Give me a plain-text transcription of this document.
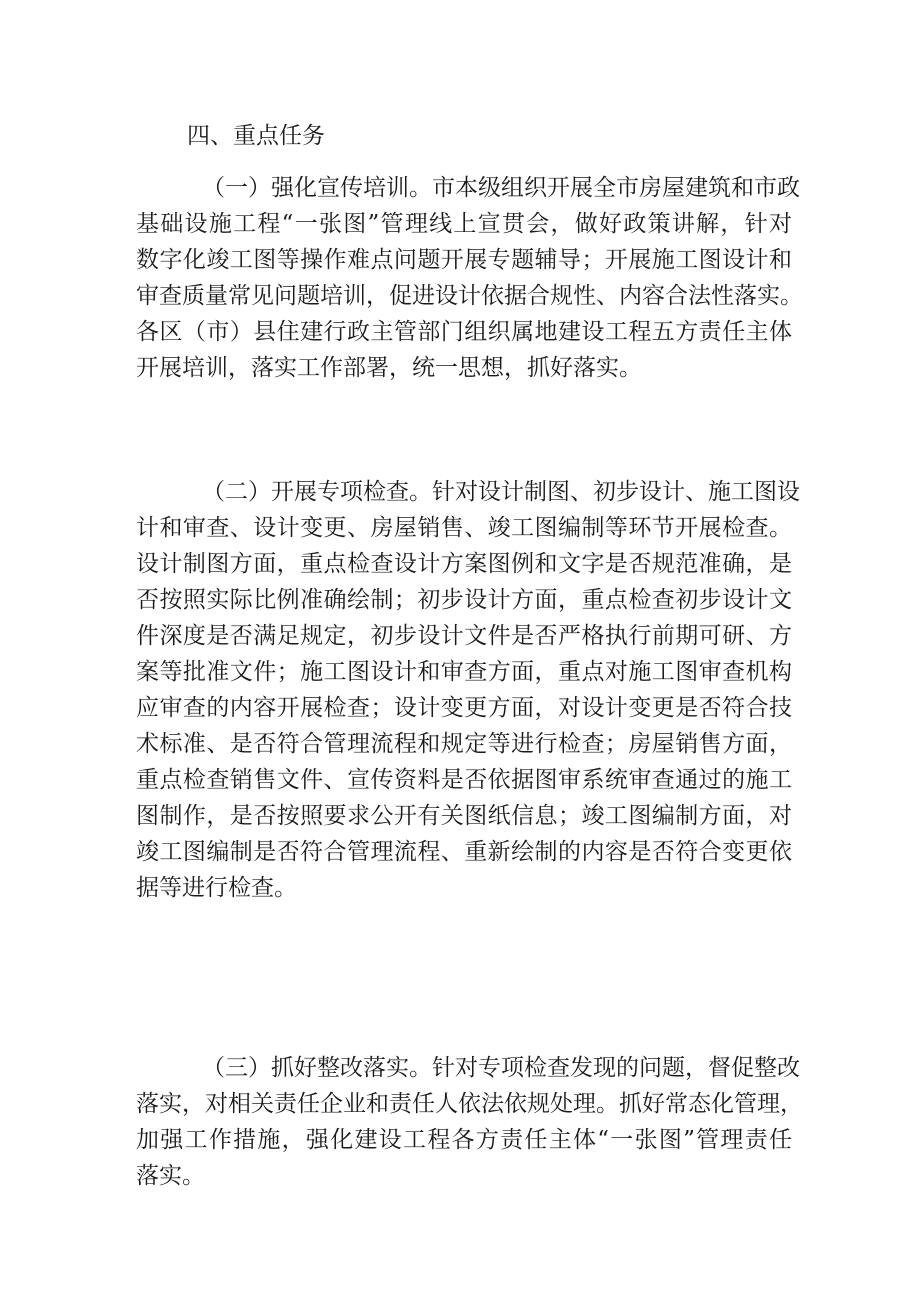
四、重点任务
（一）强化宣传培训。市本级组织开展全市房屋建筑和市政
基础设施工程“一张图”管理线上宣贯会，做好政策讲解，针对
数字化竣工图等操作难点问题开展专题辅导；开展施工图设计和
审查质量常见问题培训，促进设计依据合规性、内容合法性落实。
各区（市）县住建行政主管部门组织属地建设工程五方责任主体
开展培训，落实工作部署，统一思想，抓好落实。
（二）开展专项检查。针对设计制图、初步设计、施工图设
计和审查、设计变更、房屋销售、竣工图编制等环节开展检查。
设计制图方面，重点检查设计方案图例和文字是否规范准确，是
否按照实际比例准确绘制；初步设计方面，重点检查初步设计文
件深度是否满足规定，初步设计文件是否严格执行前期可研、方
案等批准文件；施工图设计和审查方面，重点对施工图审查机构
应审查的内容开展检查；设计变更方面，对设计变更是否符合技
术标准、是否符合管理流程和规定等进行检查；房屋销售方面，
重点检查销售文件、宣传资料是否依据图审系统审查通过的施工
图制作，是否按照要求公开有关图纸信息；竣工图编制方面，对
竣工图编制是否符合管理流程、重新绘制的内容是否符合变更依
据等进行检查。
（三）抓好整改落实。针对专项检查发现的问题，督促整改
落实，对相关责任企业和责任人依法依规处理。抓好常态化管理，
加强工作措施，强化建设工程各方责任主体“一张图”管理责任
落实。
